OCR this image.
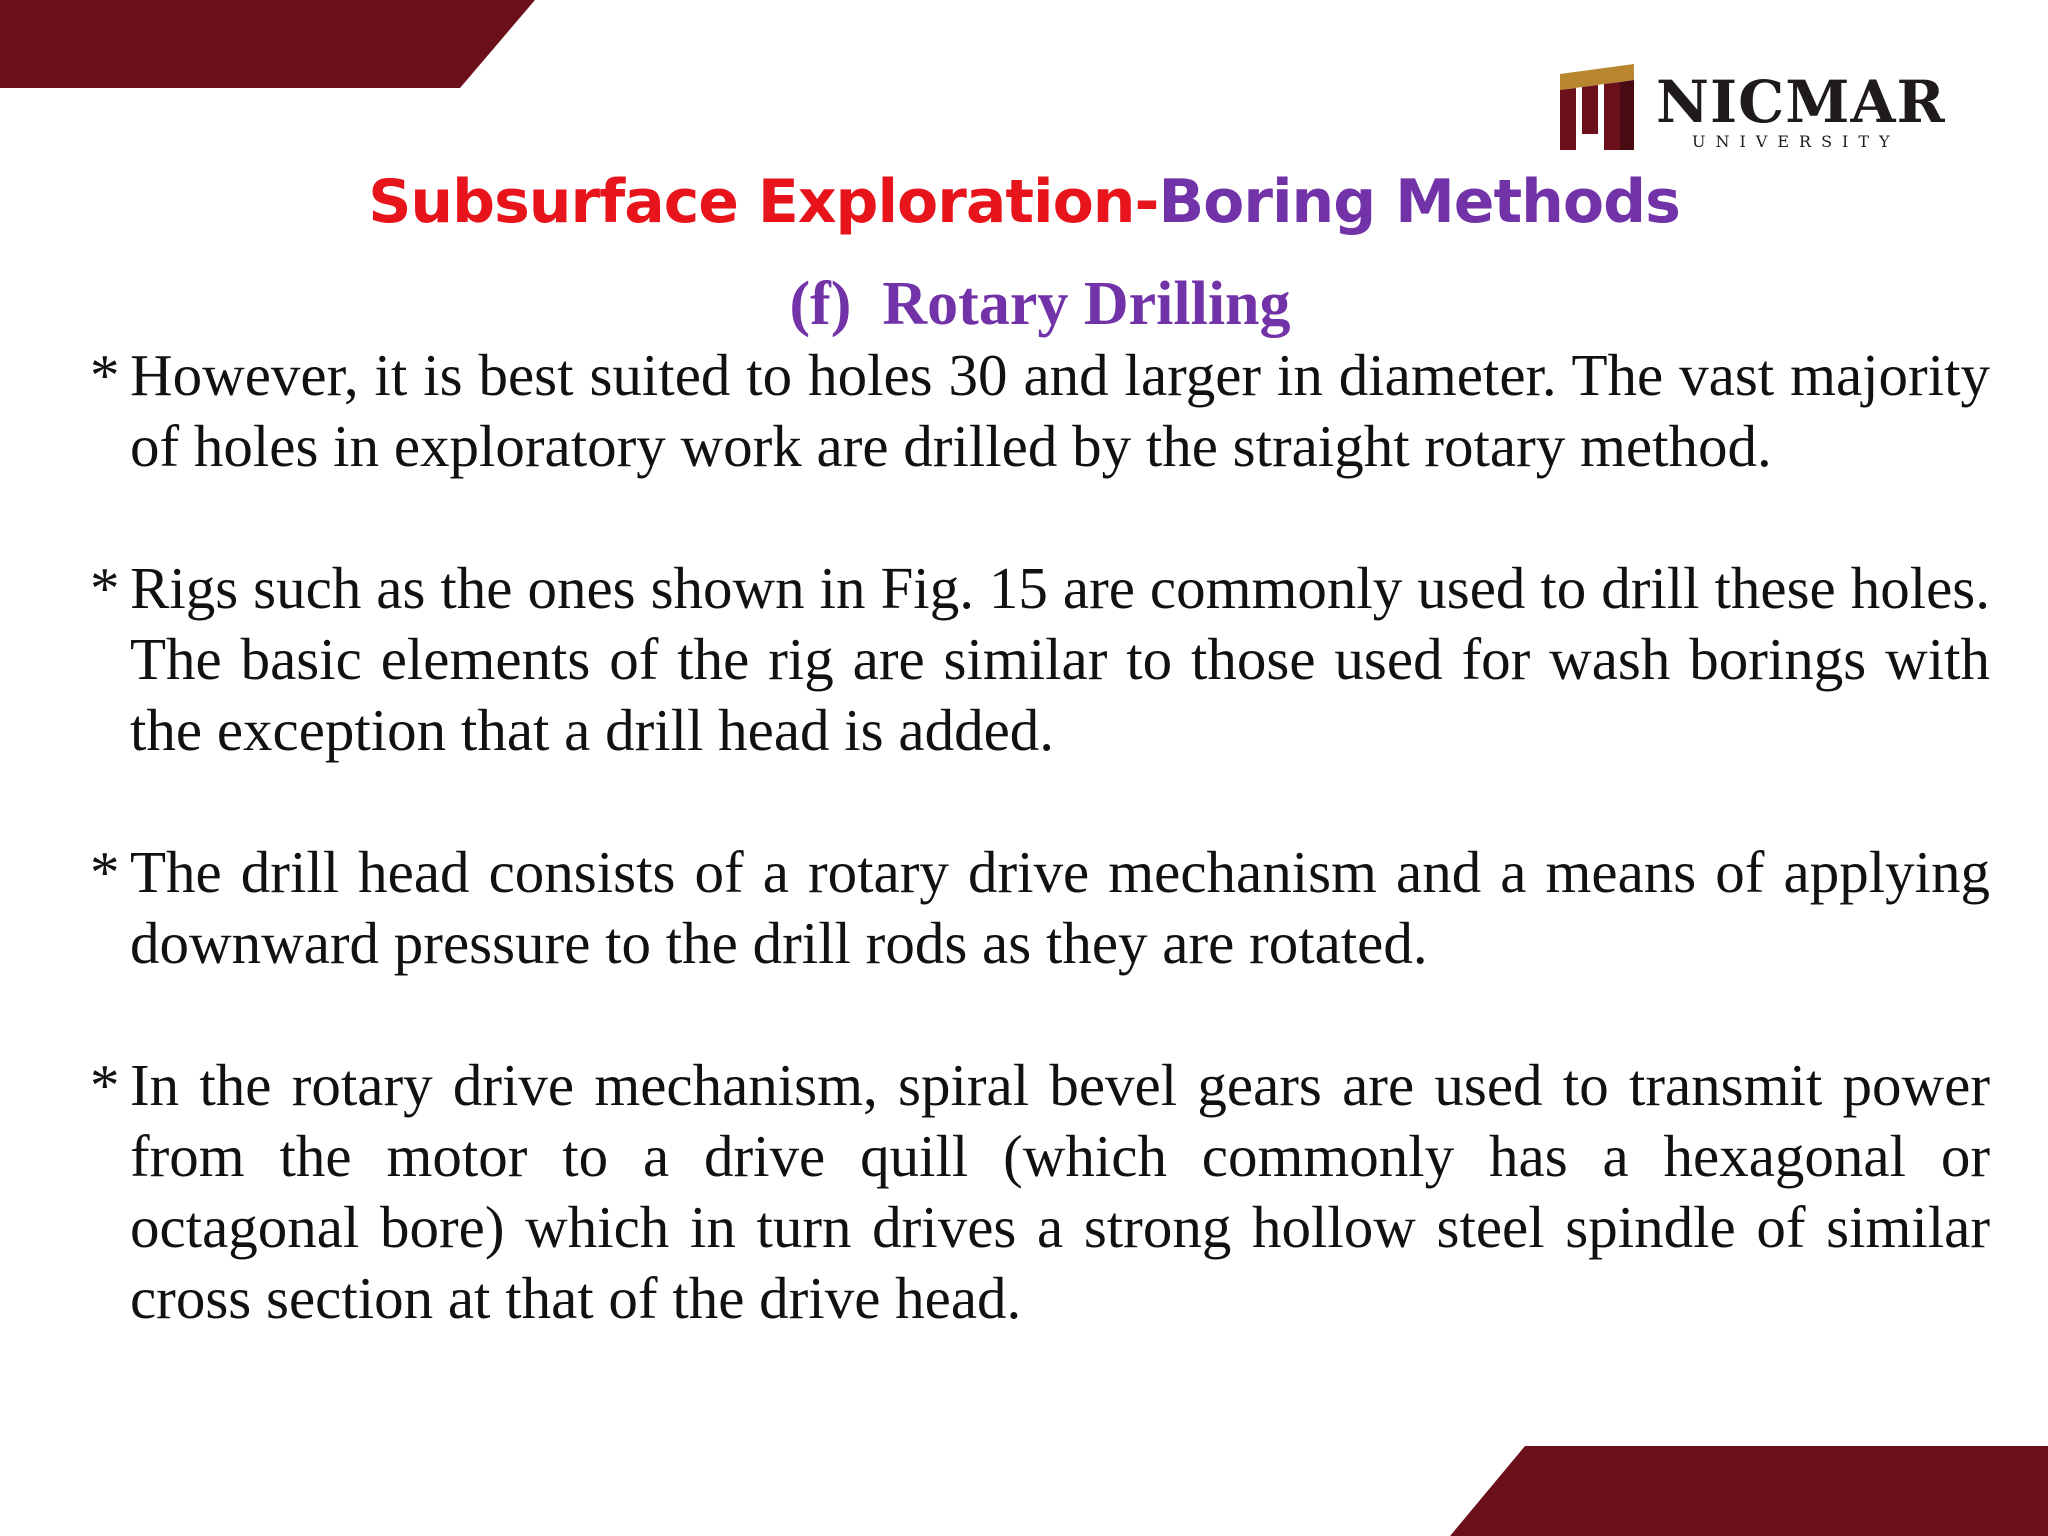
NICMAR
UNIVERSITY
Subsurface Exploration-Boring Methods
(f)  Rotary Drilling
* However, it is best suited to holes 30 and larger in diameter. The vast majority of holes in exploratory work are drilled by the straight rotary method.
* Rigs such as the ones shown in Fig. 15 are commonly used to drill these holes. The basic elements of the rig are similar to those used for wash borings with the exception that a drill head is added.
* The drill head consists of a rotary drive mechanism and a means of applying downward pressure to the drill rods as they are rotated.
* In the rotary drive mechanism, spiral bevel gears are used to transmit power from the motor to a drive quill (which commonly has a hexagonal or octagonal bore) which in turn drives a strong hollow steel spindle of similar cross section at that of the drive head.
